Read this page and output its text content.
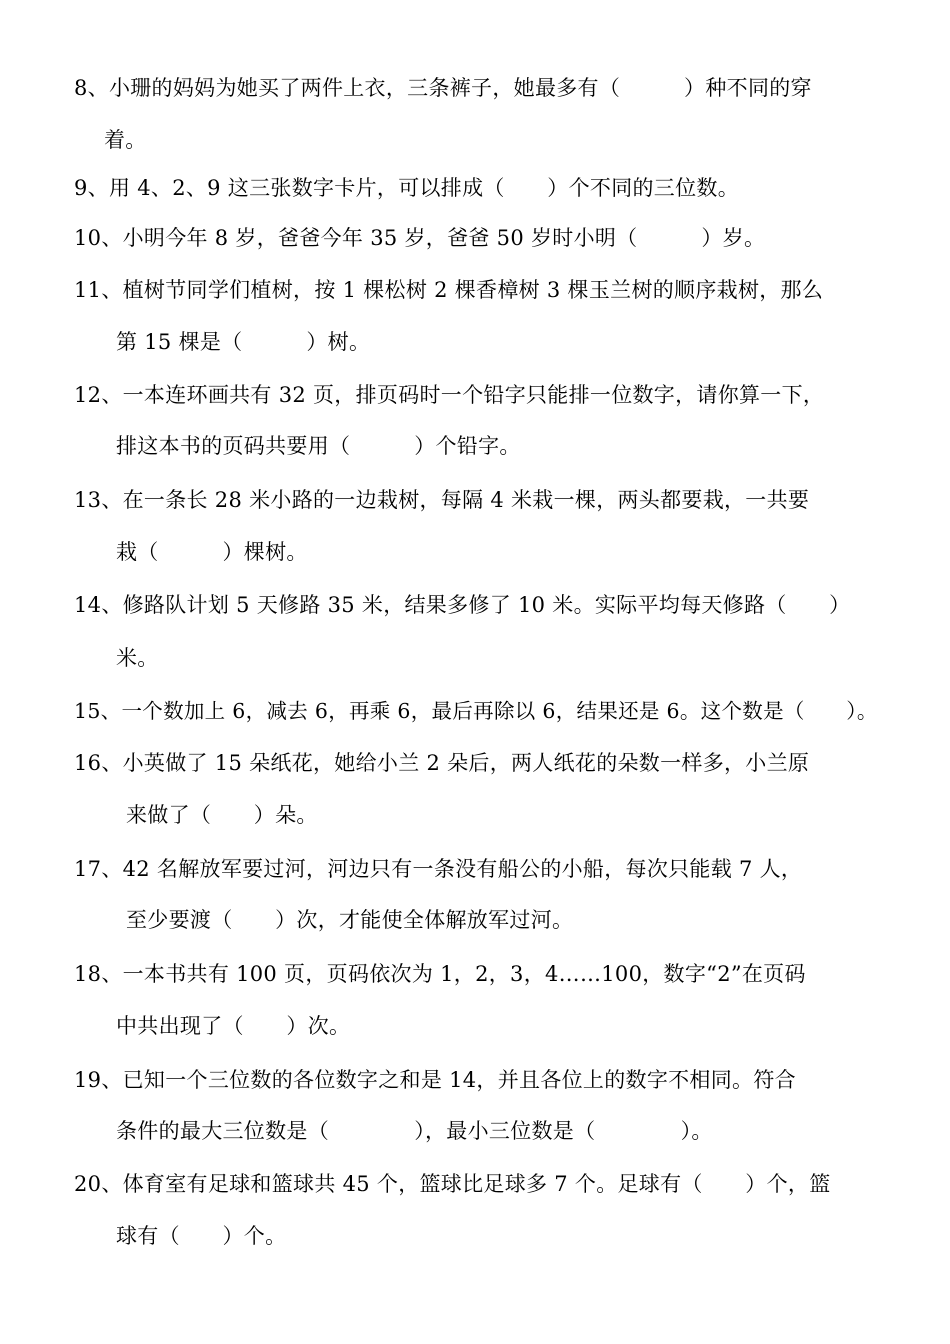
8、小珊的妈妈为她买了两件上衣，三条裤子，她最多有（　　　）种不同的穿
着。
9、用 4、2、9 这三张数字卡片，可以排成（　　）个不同的三位数。
10、小明今年 8 岁，爸爸今年 35 岁，爸爸 50 岁时小明（　　　）岁。
11、植树节同学们植树，按 1 棵松树 2 棵香樟树 3 棵玉兰树的顺序栽树，那么
第 15 棵是（　　　）树。
12、一本连环画共有 32 页，排页码时一个铅字只能排一位数字，请你算一下，
排这本书的页码共要用（　　　）个铅字。
13、在一条长 28 米小路的一边栽树，每隔 4 米栽一棵，两头都要栽，一共要
栽（　　　）棵树。
14、修路队计划 5 天修路 35 米，结果多修了 10 米。实际平均每天修路（　　）
米。
15、一个数加上 6，减去 6，再乘 6，最后再除以 6，结果还是 6。这个数是（　　）。
16、小英做了 15 朵纸花，她给小兰 2 朵后，两人纸花的朵数一样多，小兰原
来做了（　　）朵。
17、42 名解放军要过河，河边只有一条没有船公的小船，每次只能载 7 人，
至少要渡（　　）次，才能使全体解放军过河。
18、一本书共有 100 页，页码依次为 1，2，3，4……100，数字“2”在页码
中共出现了（　　）次。
19、已知一个三位数的各位数字之和是 14，并且各位上的数字不相同。符合
条件的最大三位数是（　　　　），最小三位数是（　　　　）。
20、体育室有足球和篮球共 45 个，篮球比足球多 7 个。足球有（　　）个，篮
球有（　　）个。
